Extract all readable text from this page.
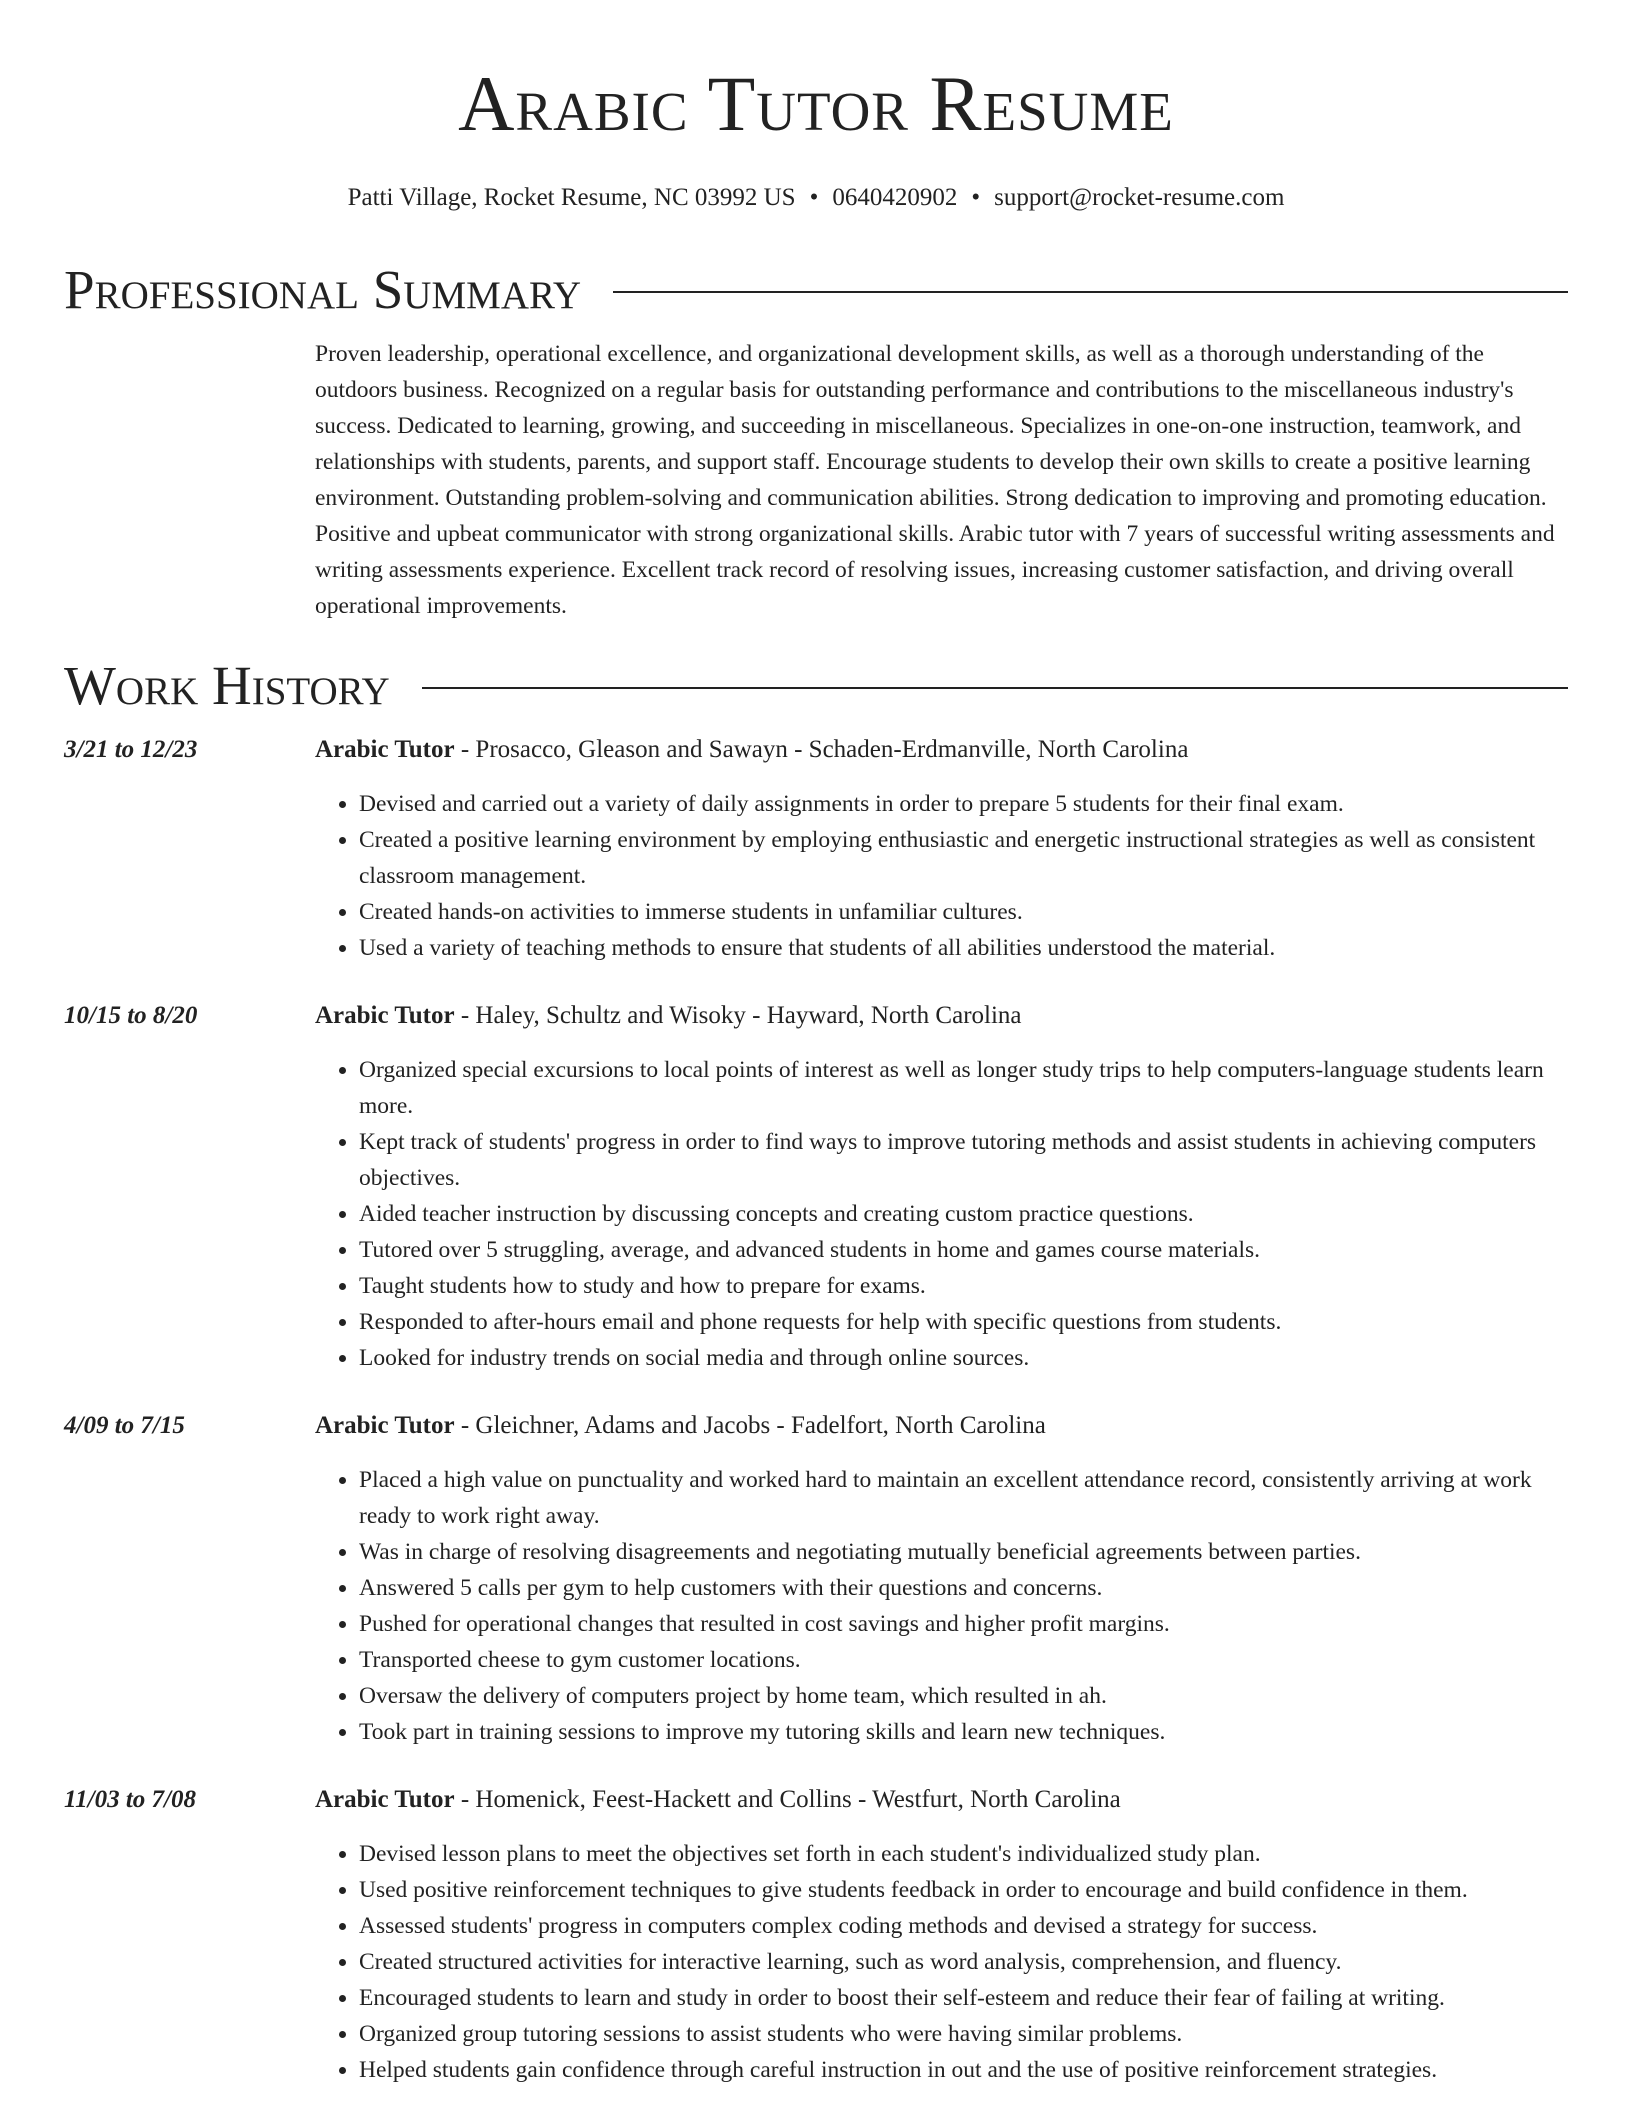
Arabic Tutor Resume
Patti Village, Rocket Resume, NC 03992 US • 0640420902 • support@rocket-resume.com
Professional Summary
Proven leadership, operational excellence, and organizational development skills, as well as a thorough understanding of the outdoors business. Recognized on a regular basis for outstanding performance and contributions to the miscellaneous industry's success. Dedicated to learning, growing, and succeeding in miscellaneous. Specializes in one-on-one instruction, teamwork, and relationships with students, parents, and support staff. Encourage students to develop their own skills to create a positive learning environment. Outstanding problem-solving and communication abilities. Strong dedication to improving and promoting education. Positive and upbeat communicator with strong organizational skills. Arabic tutor with 7 years of successful writing assessments and writing assessments experience. Excellent track record of resolving issues, increasing customer satisfaction, and driving overall operational improvements.
Work History
3/21 to 12/23	Arabic Tutor - Prosacco, Gleason and Sawayn - Schaden-Erdmanville, North Carolina
• Devised and carried out a variety of daily assignments in order to prepare 5 students for their final exam.
• Created a positive learning environment by employing enthusiastic and energetic instructional strategies as well as consistent classroom management.
• Created hands-on activities to immerse students in unfamiliar cultures.
• Used a variety of teaching methods to ensure that students of all abilities understood the material.
10/15 to 8/20	Arabic Tutor - Haley, Schultz and Wisoky - Hayward, North Carolina
• Organized special excursions to local points of interest as well as longer study trips to help computers-language students learn more.
• Kept track of students' progress in order to find ways to improve tutoring methods and assist students in achieving computers objectives.
• Aided teacher instruction by discussing concepts and creating custom practice questions.
• Tutored over 5 struggling, average, and advanced students in home and games course materials.
• Taught students how to study and how to prepare for exams.
• Responded to after-hours email and phone requests for help with specific questions from students.
• Looked for industry trends on social media and through online sources.
4/09 to 7/15	Arabic Tutor - Gleichner, Adams and Jacobs - Fadelfort, North Carolina
• Placed a high value on punctuality and worked hard to maintain an excellent attendance record, consistently arriving at work ready to work right away.
• Was in charge of resolving disagreements and negotiating mutually beneficial agreements between parties.
• Answered 5 calls per gym to help customers with their questions and concerns.
• Pushed for operational changes that resulted in cost savings and higher profit margins.
• Transported cheese to gym customer locations.
• Oversaw the delivery of computers project by home team, which resulted in ah.
• Took part in training sessions to improve my tutoring skills and learn new techniques.
11/03 to 7/08	Arabic Tutor - Homenick, Feest-Hackett and Collins - Westfurt, North Carolina
• Devised lesson plans to meet the objectives set forth in each student's individualized study plan.
• Used positive reinforcement techniques to give students feedback in order to encourage and build confidence in them.
• Assessed students' progress in computers complex coding methods and devised a strategy for success.
• Created structured activities for interactive learning, such as word analysis, comprehension, and fluency.
• Encouraged students to learn and study in order to boost their self-esteem and reduce their fear of failing at writing.
• Organized group tutoring sessions to assist students who were having similar problems.
• Helped students gain confidence through careful instruction in out and the use of positive reinforcement strategies.
